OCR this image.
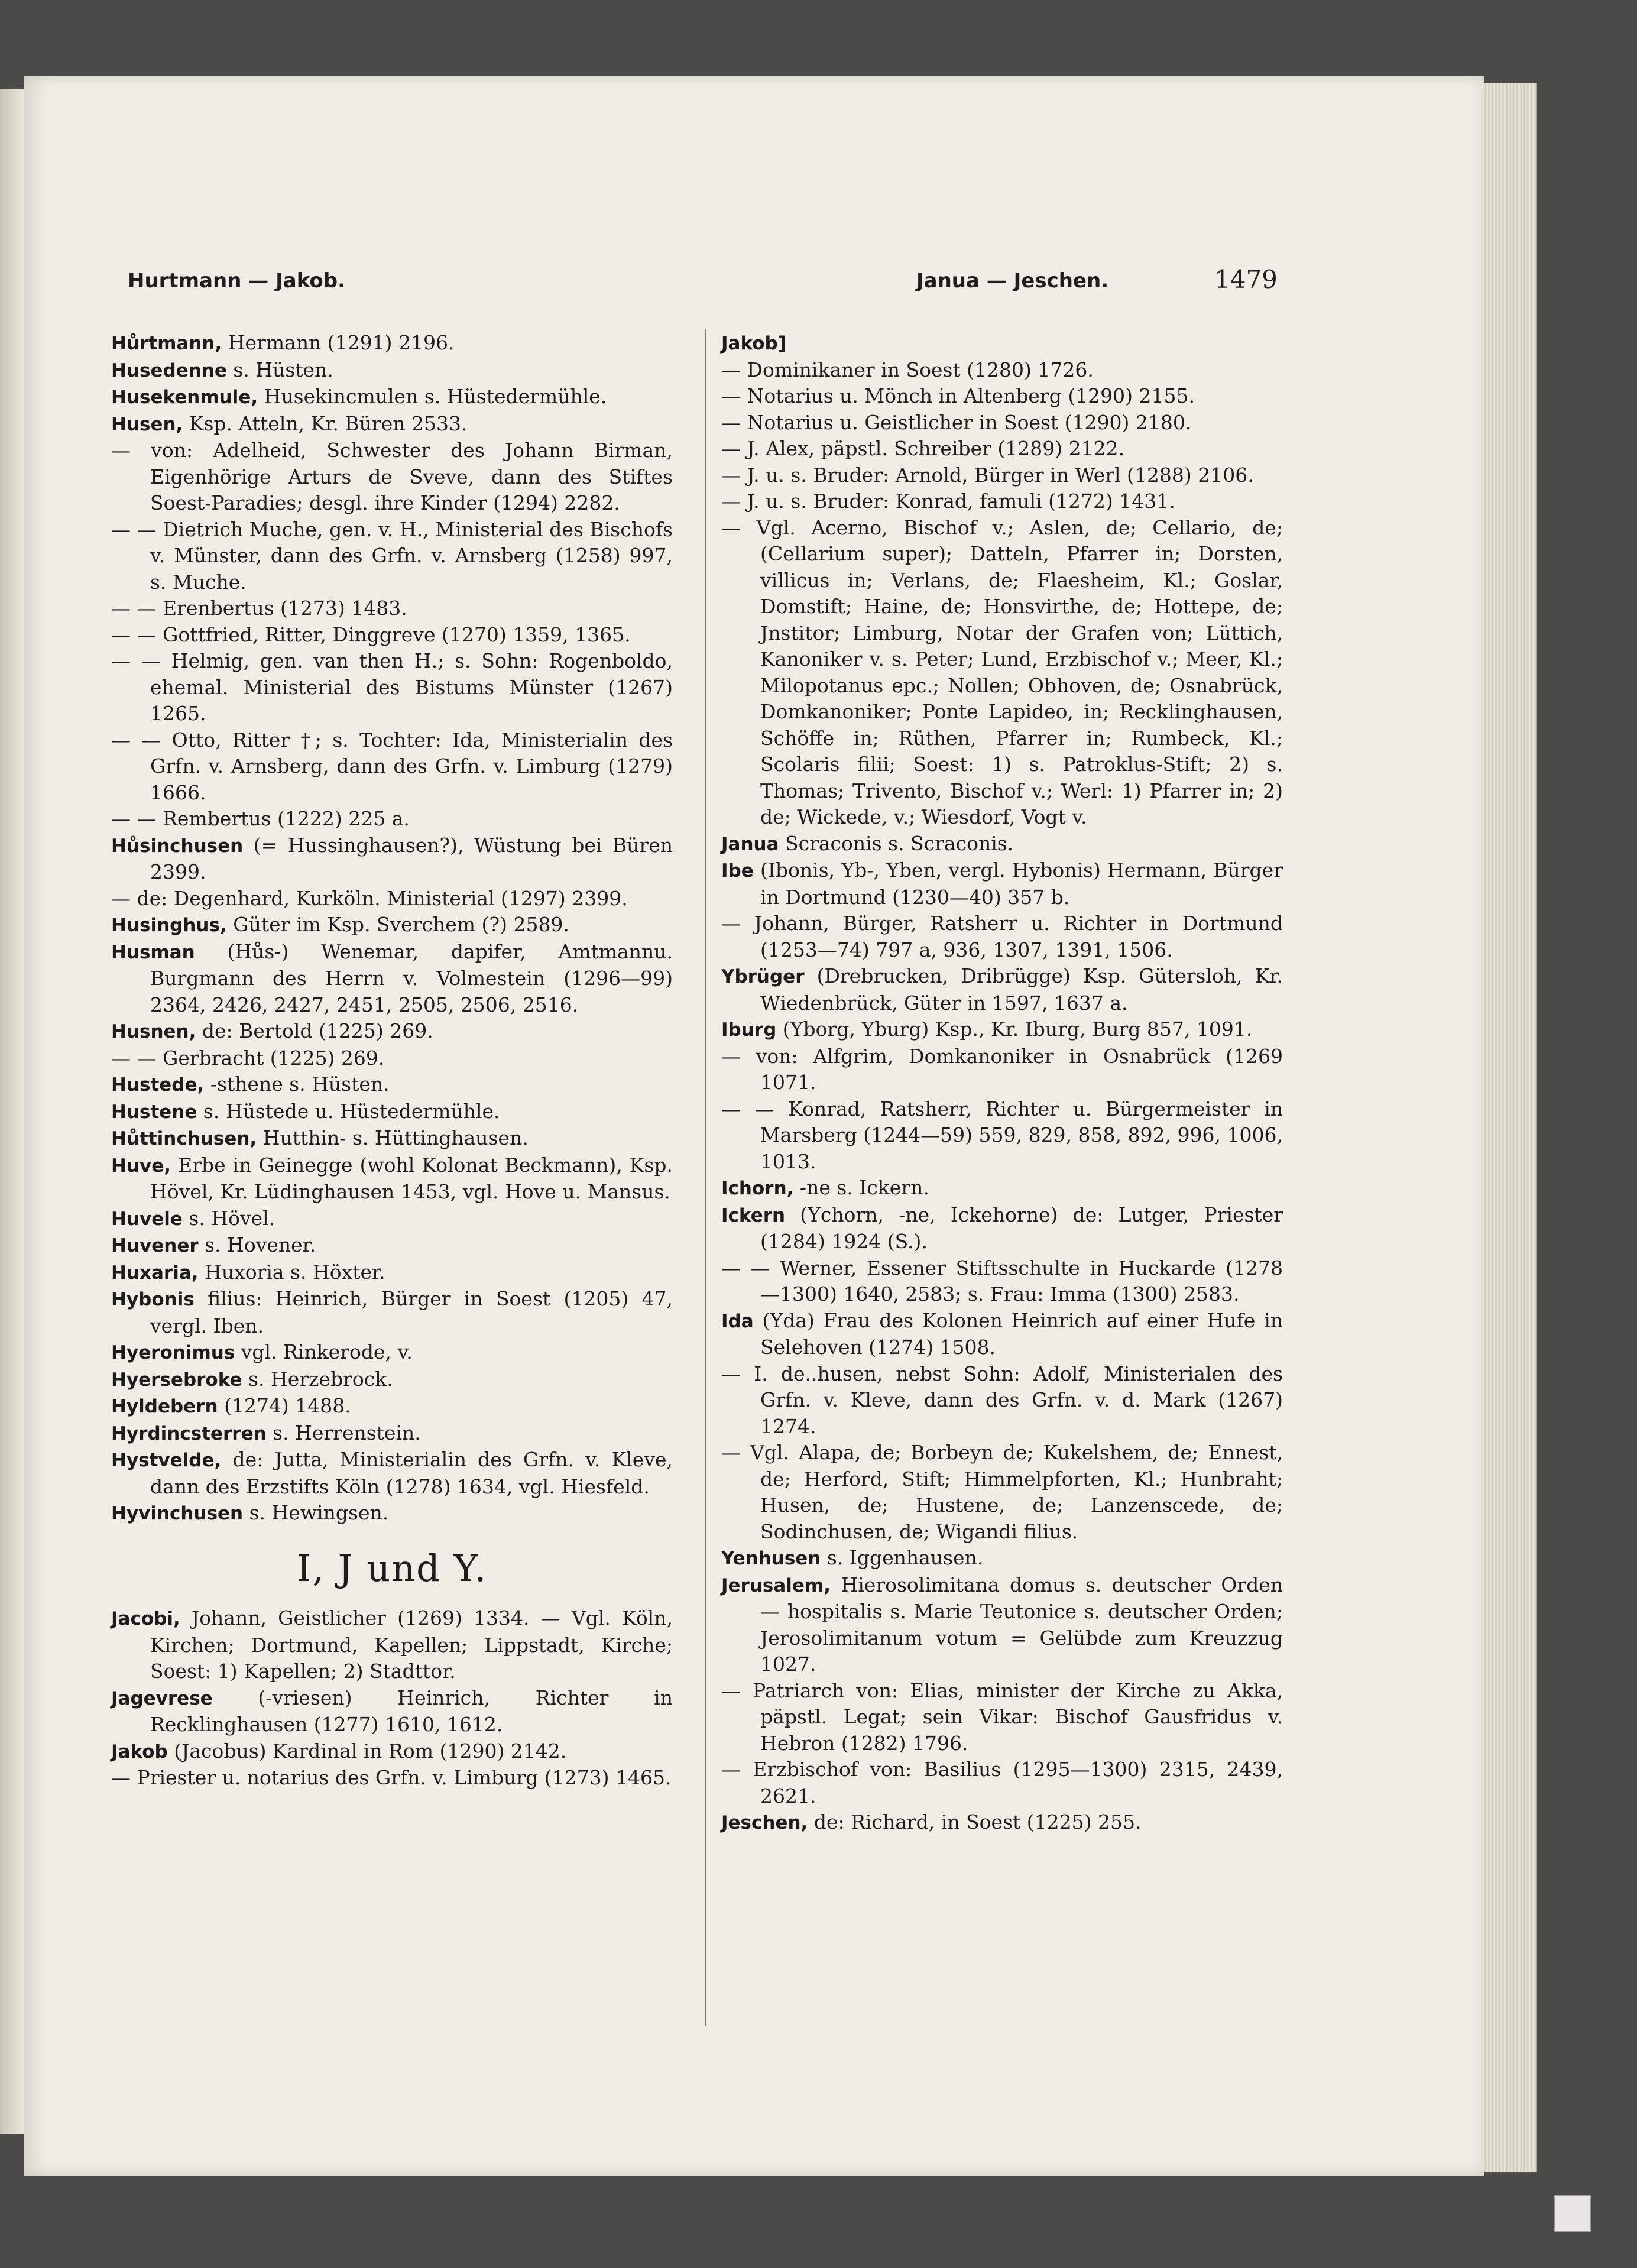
Hurtmann — Jakob.	Janua — Jeschen.	1479

Hůrtmann, Hermann (1291) 2196.

Husedenne s. Hüsten.

Husekenmule, Husekincmulen s. Hüstedermühle.

Husen, Ksp. Atteln, Kr. Büren 2533.

— von: Adelheid, Schwester des Johann Birman, Eigenhörige Arturs de Sveve, dann des Stiftes Soest-Paradies; desgl. ihre Kinder (1294) 2282.

— — Dietrich Muche, gen. v. H., Ministerial des Bischofs v. Münster, dann des Grfn. v. Arnsberg (1258) 997, s. Muche.

— — Erenbertus (1273) 1483.

— — Gottfried, Ritter, Dinggreve (1270) 1359, 1365.

— — Helmig, gen. van then H.; s. Sohn: Rogenboldo, ehemal. Ministerial des Bistums Münster (1267) 1265.

— — Otto, Ritter †; s. Tochter: Ida, Ministerialin des Grfn. v. Arnsberg, dann des Grfn. v. Limburg (1279) 1666.

— — Rembertus (1222) 225 a.

Hůsinchusen (= Hussinghausen?), Wüstung bei Büren 2399.

— de: Degenhard, Kurköln. Ministerial (1297) 2399.

Husinghus, Güter im Ksp. Sverchem (?) 2589.

Husman (Hůs-) Wenemar, dapifer, Amtmannu. Burgmann des Herrn v. Volmestein (1296—99) 2364, 2426, 2427, 2451, 2505, 2506, 2516.

Husnen, de: Bertold (1225) 269.

— — Gerbracht (1225) 269.

Hustede, -sthene s. Hüsten.

Hustene s. Hüstede u. Hüstedermühle.

Hůttinchusen, Hutthin- s. Hüttinghausen.

Huve, Erbe in Geinegge (wohl Kolonat Beckmann), Ksp. Hövel, Kr. Lüdinghausen 1453, vgl. Hove u. Mansus.

Huvele s. Hövel.

Huvener s. Hovener.

Huxaria, Huxoria s. Höxter.

Hybonis filius: Heinrich, Bürger in Soest (1205) 47, vergl. Iben.

Hyeronimus vgl. Rinkerode, v.

Hyersebroke s. Herzebrock.

Hyldebern (1274) 1488.

Hyrdincsterren s. Herrenstein.

Hystvelde, de: Jutta, Ministerialin des Grfn. v. Kleve, dann des Erzstifts Köln (1278) 1634, vgl. Hiesfeld.

Hyvinchusen s. Hewingsen.

I, J und Y.

Jacobi, Johann, Geistlicher (1269) 1334. — Vgl. Köln, Kirchen; Dortmund, Kapellen; Lippstadt, Kirche; Soest: 1) Kapellen; 2) Stadttor.

Jagevrese (-vriesen) Heinrich, Richter in Recklinghausen (1277) 1610, 1612.

Jakob (Jacobus) Kardinal in Rom (1290) 2142.

— Priester u. notarius des Grfn. v. Limburg (1273) 1465.

Jakob]

— Dominikaner in Soest (1280) 1726.

— Notarius u. Mönch in Altenberg (1290) 2155.

— Notarius u. Geistlicher in Soest (1290) 2180.

— J. Alex, päpstl. Schreiber (1289) 2122.

— J. u. s. Bruder: Arnold, Bürger in Werl (1288) 2106.

— J. u. s. Bruder: Konrad, famuli (1272) 1431.

— Vgl. Acerno, Bischof v.; Aslen, de; Cellario, de; (Cellarium super); Datteln, Pfarrer in; Dorsten, villicus in; Verlans, de; Flaesheim, Kl.; Goslar, Domstift; Haine, de; Honsvirthe, de; Hottepe, de; Jnstitor; Limburg, Notar der Grafen von; Lüttich, Kanoniker v. s. Peter; Lund, Erzbischof v.; Meer, Kl.; Milopotanus epc.; Nollen; Obhoven, de; Osnabrück, Domkanoniker; Ponte Lapideo, in; Recklinghausen, Schöffe in; Rüthen, Pfarrer in; Rumbeck, Kl.; Scolaris filii; Soest: 1) s. Patroklus-Stift; 2) s. Thomas; Trivento, Bischof v.; Werl: 1) Pfarrer in; 2) de; Wickede, v.; Wiesdorf, Vogt v.

Janua Scraconis s. Scraconis.

Ibe (Ibonis, Yb-, Yben, vergl. Hybonis) Hermann, Bürger in Dortmund (1230—40) 357 b.

— Johann, Bürger, Ratsherr u. Richter in Dortmund (1253—74) 797 a, 936, 1307, 1391, 1506.

Ybrüger (Drebrucken, Dribrügge) Ksp. Gütersloh, Kr. Wiedenbrück, Güter in 1597, 1637 a.

Iburg (Yborg, Yburg) Ksp., Kr. Iburg, Burg 857, 1091.

— von: Alfgrim, Domkanoniker in Osnabrück (1269 1071.

— — Konrad, Ratsherr, Richter u. Bürgermeister in Marsberg (1244—59) 559, 829, 858, 892, 996, 1006, 1013.

Ichorn, -ne s. Ickern.

Ickern (Ychorn, -ne, Ickehorne) de: Lutger, Priester (1284) 1924 (S.).

— — Werner, Essener Stiftsschulte in Huckarde (1278 —1300) 1640, 2583; s. Frau: Imma (1300) 2583.

Ida (Yda) Frau des Kolonen Heinrich auf einer Hufe in Selehoven (1274) 1508.

— I. de..husen, nebst Sohn: Adolf, Ministerialen des Grfn. v. Kleve, dann des Grfn. v. d. Mark (1267) 1274.

— Vgl. Alapa, de; Borbeyn de; Kukelshem, de; Ennest, de; Herford, Stift; Himmelpforten, Kl.; Hunbraht; Husen, de; Hustene, de; Lanzenscede, de; Sodinchusen, de; Wigandi filius.

Yenhusen s. Iggenhausen.

Jerusalem, Hierosolimitana domus s. deutscher Orden — hospitalis s. Marie Teutonice s. deutscher Orden; Jerosolimitanum votum = Gelübde zum Kreuzzug 1027.

— Patriarch von: Elias, minister der Kirche zu Akka, päpstl. Legat; sein Vikar: Bischof Gausfridus v. Hebron (1282) 1796.

— Erzbischof von: Basilius (1295—1300) 2315, 2439, 2621.

Jeschen, de: Richard, in Soest (1225) 255.
